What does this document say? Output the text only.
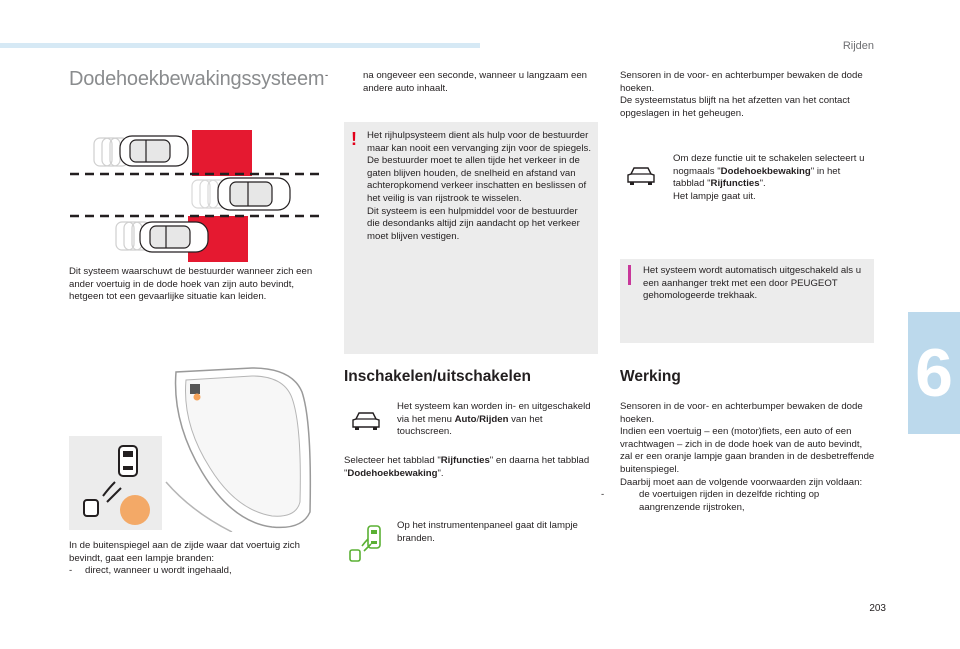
Rijden
6
203
Dodehoekbewakingssysteem

Dit systeem waarschuwt de bestuurder wanneer zich een ander voertuig in de dode hoek van zijn auto bevindt, hetgeen tot een gevaarlijke situatie kan leiden.

In de buitenspiegel aan de zijde waar dat voertuig zich bevindt, gaat een lampje branden:

- direct, wanneer u wordt ingehaald,

-	na ongeveer een seconde, wanneer u langzaam een andere auto inhaalt.

! Het rijhulpsysteem dient als hulp voor de bestuurder maar kan nooit een vervanging zijn voor de spiegels. De bestuurder moet te allen tijde het verkeer in de gaten blijven houden, de snelheid en afstand van achteropkomend verkeer inschatten en beslissen of het veilig is van rijstrook te wisselen.

Dit systeem is een hulpmiddel voor de bestuurder die desondanks altijd zijn aandacht op het verkeer moet blijven vestigen.

Inschakelen/uitschakelen

Het systeem kan worden in- en uitgeschakeld via het menu Auto/Rijden van het touchscreen.

Selecteer het tabblad "Rijfuncties" en daarna het tabblad "Dodehoekbewaking".

Op het instrumentenpaneel gaat dit lampje branden.

Sensoren in de voor- en achterbumper bewaken de dode hoeken.

De systeemstatus blijft na het afzetten van het contact opgeslagen in het geheugen.

Om deze functie uit te schakelen selecteert u nogmaals "Dodehoekbewaking" in het tabblad "Rijfuncties".

Het lampje gaat uit.

Het systeem wordt automatisch uitgeschakeld als u een aanhanger trekt met een door PEUGEOT gehomologeerde trekhaak.

Werking

Sensoren in de voor- en achterbumper bewaken de dode hoeken.

Indien een voertuig – een (motor)fiets, een auto of een vrachtwagen – zich in de dode hoek van de auto bevindt, zal er een oranje lampje gaan branden in de desbetreffende buitenspiegel.

Daarbij moet aan de volgende voorwaarden zijn voldaan:

-	de voertuigen rijden in dezelfde richting op aangrenzende rijstroken,
